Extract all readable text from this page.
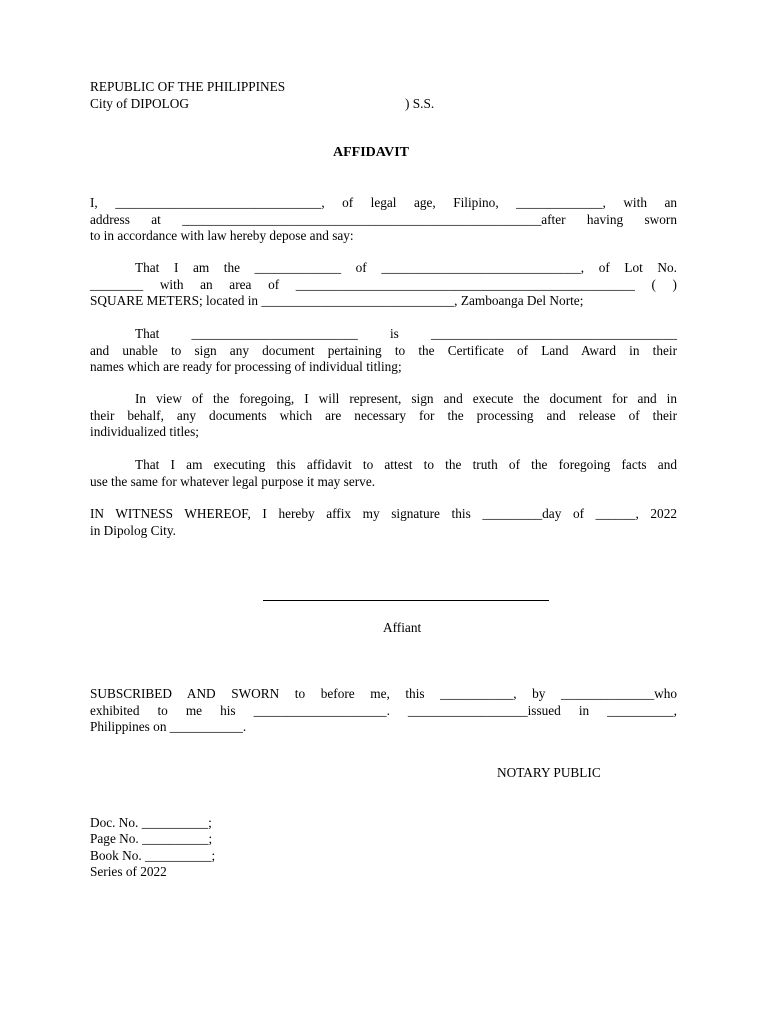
REPUBLIC OF THE PHILIPPINES
City of DIPOLOG	) S.S.
AFFIDAVIT
I, _______________________________, of legal age, Filipino, _____________, with an
address at ______________________________________________________after having sworn
to in accordance with law hereby depose and say:
That I am the _____________ of ______________________________, of Lot No.
________ with an area of ___________________________________________________ ( )
SQUARE METERS; located in _____________________________, Zamboanga Del Norte;
That _________________________ is _____________________________________
and unable to sign any document pertaining to the Certificate of Land Award in their
names which are ready for processing of individual titling;
In view of the foregoing, I will represent, sign and execute the document for and in
their behalf, any documents which are necessary for the processing and release of their
individualized titles;
That I am executing this affidavit to attest to the truth of the foregoing facts and
use the same for whatever legal purpose it may serve.
IN WITNESS WHEREOF, I hereby affix my signature this _________day of ______, 2022
in Dipolog City.
Affiant
SUBSCRIBED AND SWORN to before me, this ___________, by ______________who
exhibited to me his ____________________. __________________issued in __________,
Philippines on ___________.
NOTARY PUBLIC
Doc. No. __________;
Page No. __________;
Book No. __________;
Series of 2022
